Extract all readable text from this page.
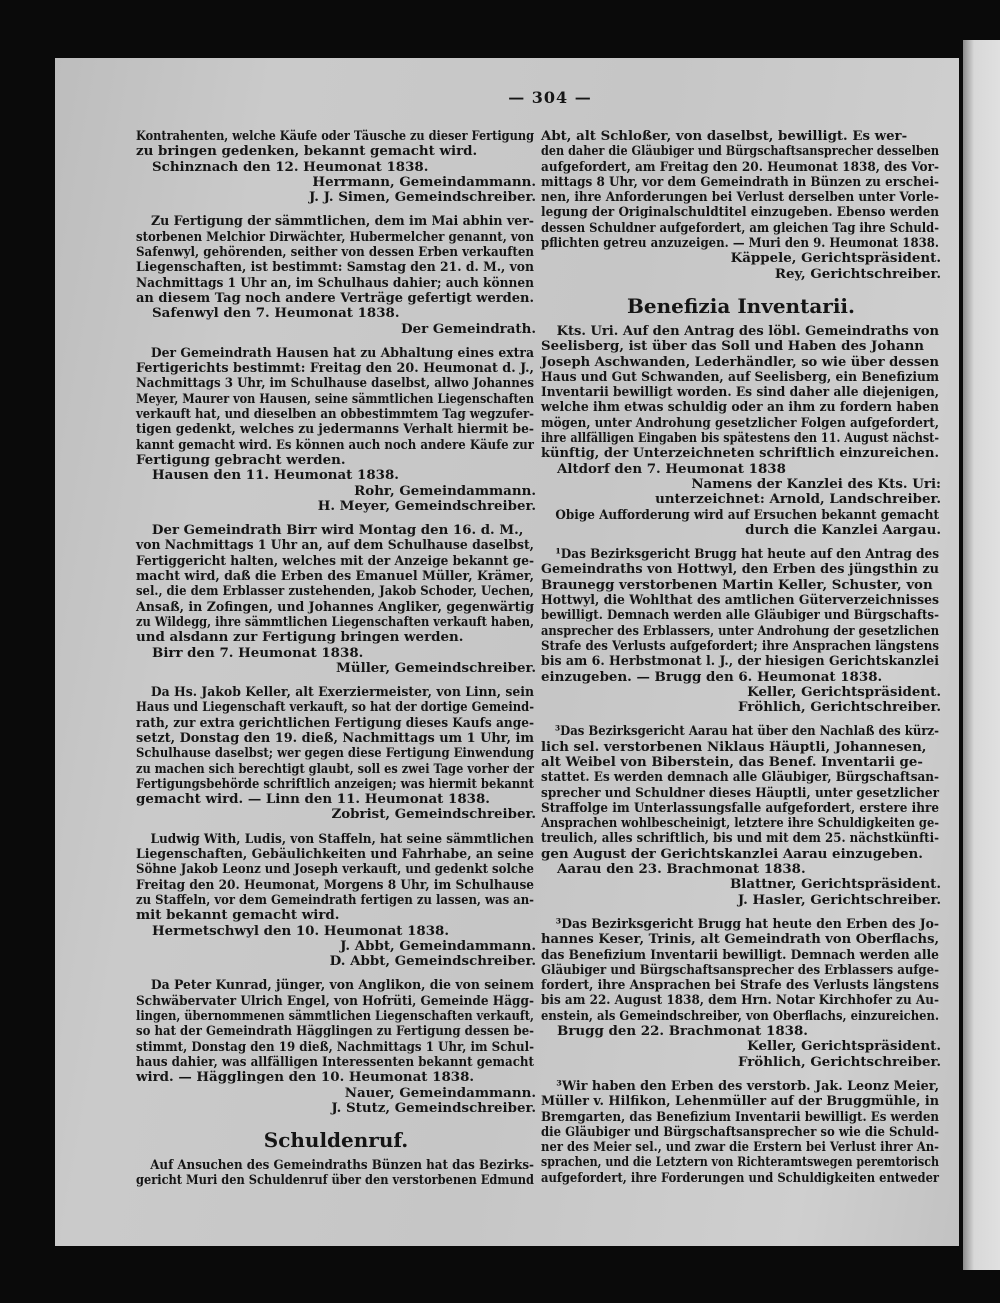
— 304 —
Kontrahenten, welche Käufe oder Täusche zu dieser Fertigung
zu bringen gedenken, bekannt gemacht wird.
Schinznach den 12. Heumonat 1838.
Herrmann, Gemeindammann.
J. J. Simen, Gemeindschreiber.
Zu Fertigung der sämmtlichen, dem im Mai abhin ver-
storbenen Melchior Dirwächter, Hubermelcher genannt, von
Safenwyl, gehörenden, seither von dessen Erben verkauften
Liegenschaften, ist bestimmt: Samstag den 21. d. M., von
Nachmittags 1 Uhr an, im Schulhaus dahier; auch können
an diesem Tag noch andere Verträge gefertigt werden.
Safenwyl den 7. Heumonat 1838.
Der Gemeindrath.
Der Gemeindrath Hausen hat zu Abhaltung eines extra
Fertigerichts bestimmt: Freitag den 20. Heumonat d. J.,
Nachmittags 3 Uhr, im Schulhause daselbst, allwo Johannes
Meyer, Maurer von Hausen, seine sämmtlichen Liegenschaften
verkauft hat, und dieselben an obbestimmtem Tag wegzufer-
tigen gedenkt, welches zu jedermanns Verhalt hiermit be-
kannt gemacht wird. Es können auch noch andere Käufe zur
Fertigung gebracht werden.
Hausen den 11. Heumonat 1838.
Rohr, Gemeindammann.
H. Meyer, Gemeindschreiber.
Der Gemeindrath Birr wird Montag den 16. d. M.,
von Nachmittags 1 Uhr an, auf dem Schulhause daselbst,
Fertiggericht halten, welches mit der Anzeige bekannt ge-
macht wird, daß die Erben des Emanuel Müller, Krämer,
sel., die dem Erblasser zustehenden, Jakob Schoder, Uechen,
Ansaß, in Zofingen, und Johannes Angliker, gegenwärtig
zu Wildegg, ihre sämmtlichen Liegenschaften verkauft haben,
und alsdann zur Fertigung bringen werden.
Birr den 7. Heumonat 1838.
Müller, Gemeindschreiber.
Da Hs. Jakob Keller, alt Exerziermeister, von Linn, sein
Haus und Liegenschaft verkauft, so hat der dortige Gemeind-
rath, zur extra gerichtlichen Fertigung dieses Kaufs ange-
setzt, Donstag den 19. dieß, Nachmittags um 1 Uhr, im
Schulhause daselbst; wer gegen diese Fertigung Einwendung
zu machen sich berechtigt glaubt, soll es zwei Tage vorher der
Fertigungsbehörde schriftlich anzeigen; was hiermit bekannt
gemacht wird. — Linn den 11. Heumonat 1838.
Zobrist, Gemeindschreiber.
Ludwig With, Ludis, von Staffeln, hat seine sämmtlichen
Liegenschaften, Gebäulichkeiten und Fahrhabe, an seine
Söhne Jakob Leonz und Joseph verkauft, und gedenkt solche
Freitag den 20. Heumonat, Morgens 8 Uhr, im Schulhause
zu Staffeln, vor dem Gemeindrath fertigen zu lassen, was an-
mit bekannt gemacht wird.
Hermetschwyl den 10. Heumonat 1838.
J. Abbt, Gemeindammann.
D. Abbt, Gemeindschreiber.
Da Peter Kunrad, jünger, von Anglikon, die von seinem
Schwäbervater Ulrich Engel, von Hofrüti, Gemeinde Hägg-
lingen, übernommenen sämmtlichen Liegenschaften verkauft,
so hat der Gemeindrath Hägglingen zu Fertigung dessen be-
stimmt, Donstag den 19 dieß, Nachmittags 1 Uhr, im Schul-
haus dahier, was allfälligen Interessenten bekannt gemacht
wird. — Hägglingen den 10. Heumonat 1838.
Nauer, Gemeindammann.
J. Stutz, Gemeindschreiber.
Schuldenruf.
Auf Ansuchen des Gemeindraths Bünzen hat das Bezirks-
gericht Muri den Schuldenruf über den verstorbenen Edmund
Abt, alt Schloßer, von daselbst, bewilligt. Es wer-
den daher die Gläubiger und Bürgschaftsansprecher desselben
aufgefordert, am Freitag den 20. Heumonat 1838, des Vor-
mittags 8 Uhr, vor dem Gemeindrath in Bünzen zu erschei-
nen, ihre Anforderungen bei Verlust derselben unter Vorle-
legung der Originalschuldtitel einzugeben. Ebenso werden
dessen Schuldner aufgefordert, am gleichen Tag ihre Schuld-
pflichten getreu anzuzeigen. — Muri den 9. Heumonat 1838.
Käppele, Gerichtspräsident.
Rey, Gerichtschreiber.
Benefizia Inventarii.
Kts. Uri. Auf den Antrag des löbl. Gemeindraths von
Seelisberg, ist über das Soll und Haben des Johann
Joseph Aschwanden, Lederhändler, so wie über dessen
Haus und Gut Schwanden, auf Seelisberg, ein Benefizium
Inventarii bewilligt worden. Es sind daher alle diejenigen,
welche ihm etwas schuldig oder an ihm zu fordern haben
mögen, unter Androhung gesetzlicher Folgen aufgefordert,
ihre allfälligen Eingaben bis spätestens den 11. August nächst-
künftig, der Unterzeichneten schriftlich einzureichen.
Altdorf den 7. Heumonat 1838
Namens der Kanzlei des Kts. Uri:
unterzeichnet: Arnold, Landschreiber.
Obige Aufforderung wird auf Ersuchen bekannt gemacht
durch die Kanzlei Aargau.
¹Das Bezirksgericht Brugg hat heute auf den Antrag des
Gemeindraths von Hottwyl, den Erben des jüngsthin zu
Braunegg verstorbenen Martin Keller, Schuster, von
Hottwyl, die Wohlthat des amtlichen Güterverzeichnisses
bewilligt. Demnach werden alle Gläubiger und Bürgschafts-
ansprecher des Erblassers, unter Androhung der gesetzlichen
Strafe des Verlusts aufgefordert; ihre Ansprachen längstens
bis am 6. Herbstmonat l. J., der hiesigen Gerichtskanzlei
einzugeben. — Brugg den 6. Heumonat 1838.
Keller, Gerichtspräsident.
Fröhlich, Gerichtschreiber.
³Das Bezirksgericht Aarau hat über den Nachlaß des kürz-
lich sel. verstorbenen Niklaus Häuptli, Johannesen,
alt Weibel von Biberstein, das Benef. Inventarii ge-
stattet. Es werden demnach alle Gläubiger, Bürgschaftsan-
sprecher und Schuldner dieses Häuptli, unter gesetzlicher
Straffolge im Unterlassungsfalle aufgefordert, erstere ihre
Ansprachen wohlbescheinigt, letztere ihre Schuldigkeiten ge-
treulich, alles schriftlich, bis und mit dem 25. nächstkünfti-
gen August der Gerichtskanzlei Aarau einzugeben.
Aarau den 23. Brachmonat 1838.
Blattner, Gerichtspräsident.
J. Hasler, Gerichtschreiber.
³Das Bezirksgericht Brugg hat heute den Erben des Jo-
hannes Keser, Trinis, alt Gemeindrath von Oberflachs,
das Benefizium Inventarii bewilligt. Demnach werden alle
Gläubiger und Bürgschaftsansprecher des Erblassers aufge-
fordert, ihre Ansprachen bei Strafe des Verlusts längstens
bis am 22. August 1838, dem Hrn. Notar Kirchhofer zu Au-
enstein, als Gemeindschreiber, von Oberflachs, einzureichen.
Brugg den 22. Brachmonat 1838.
Keller, Gerichtspräsident.
Fröhlich, Gerichtschreiber.
³Wir haben den Erben des verstorb. Jak. Leonz Meier,
Müller v. Hilfikon, Lehenmüller auf der Bruggmühle, in
Bremgarten, das Benefizium Inventarii bewilligt. Es werden
die Gläubiger und Bürgschaftsansprecher so wie die Schuld-
ner des Meier sel., und zwar die Erstern bei Verlust ihrer An-
sprachen, und die Letztern von Richteramtswegen peremtorisch
aufgefordert, ihre Forderungen und Schuldigkeiten entweder
